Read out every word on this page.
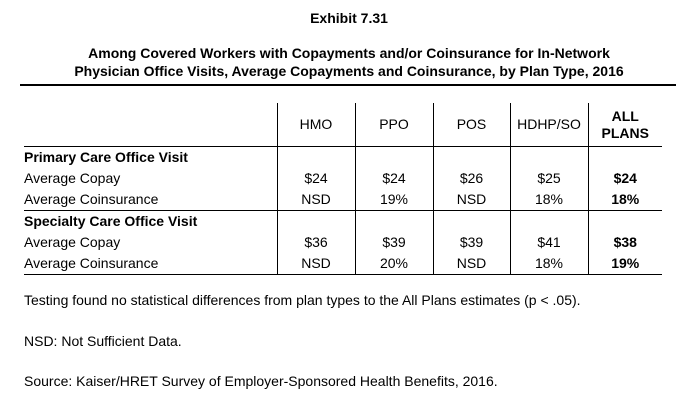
Exhibit 7.31
Among Covered Workers with Copayments and/or Coinsurance for In-Network
Physician Office Visits, Average Copayments and Coinsurance, by Plan Type, 2016
	HMO	PPO	POS	HDHP/SO	ALL
PLANS

Primary Care Office Visit					
Average Copay	$24	$24	$26	$25	$24
Average Coinsurance	NSD	19%	NSD	18%	18%
Specialty Care Office Visit					
Average Copay	$36	$39	$39	$41	$38
Average Coinsurance	NSD	20%	NSD	18%	19%
Testing found no statistical differences from plan types to the All Plans estimates (p < .05).
NSD: Not Sufficient Data.
Source: Kaiser/HRET Survey of Employer-Sponsored Health Benefits, 2016.
